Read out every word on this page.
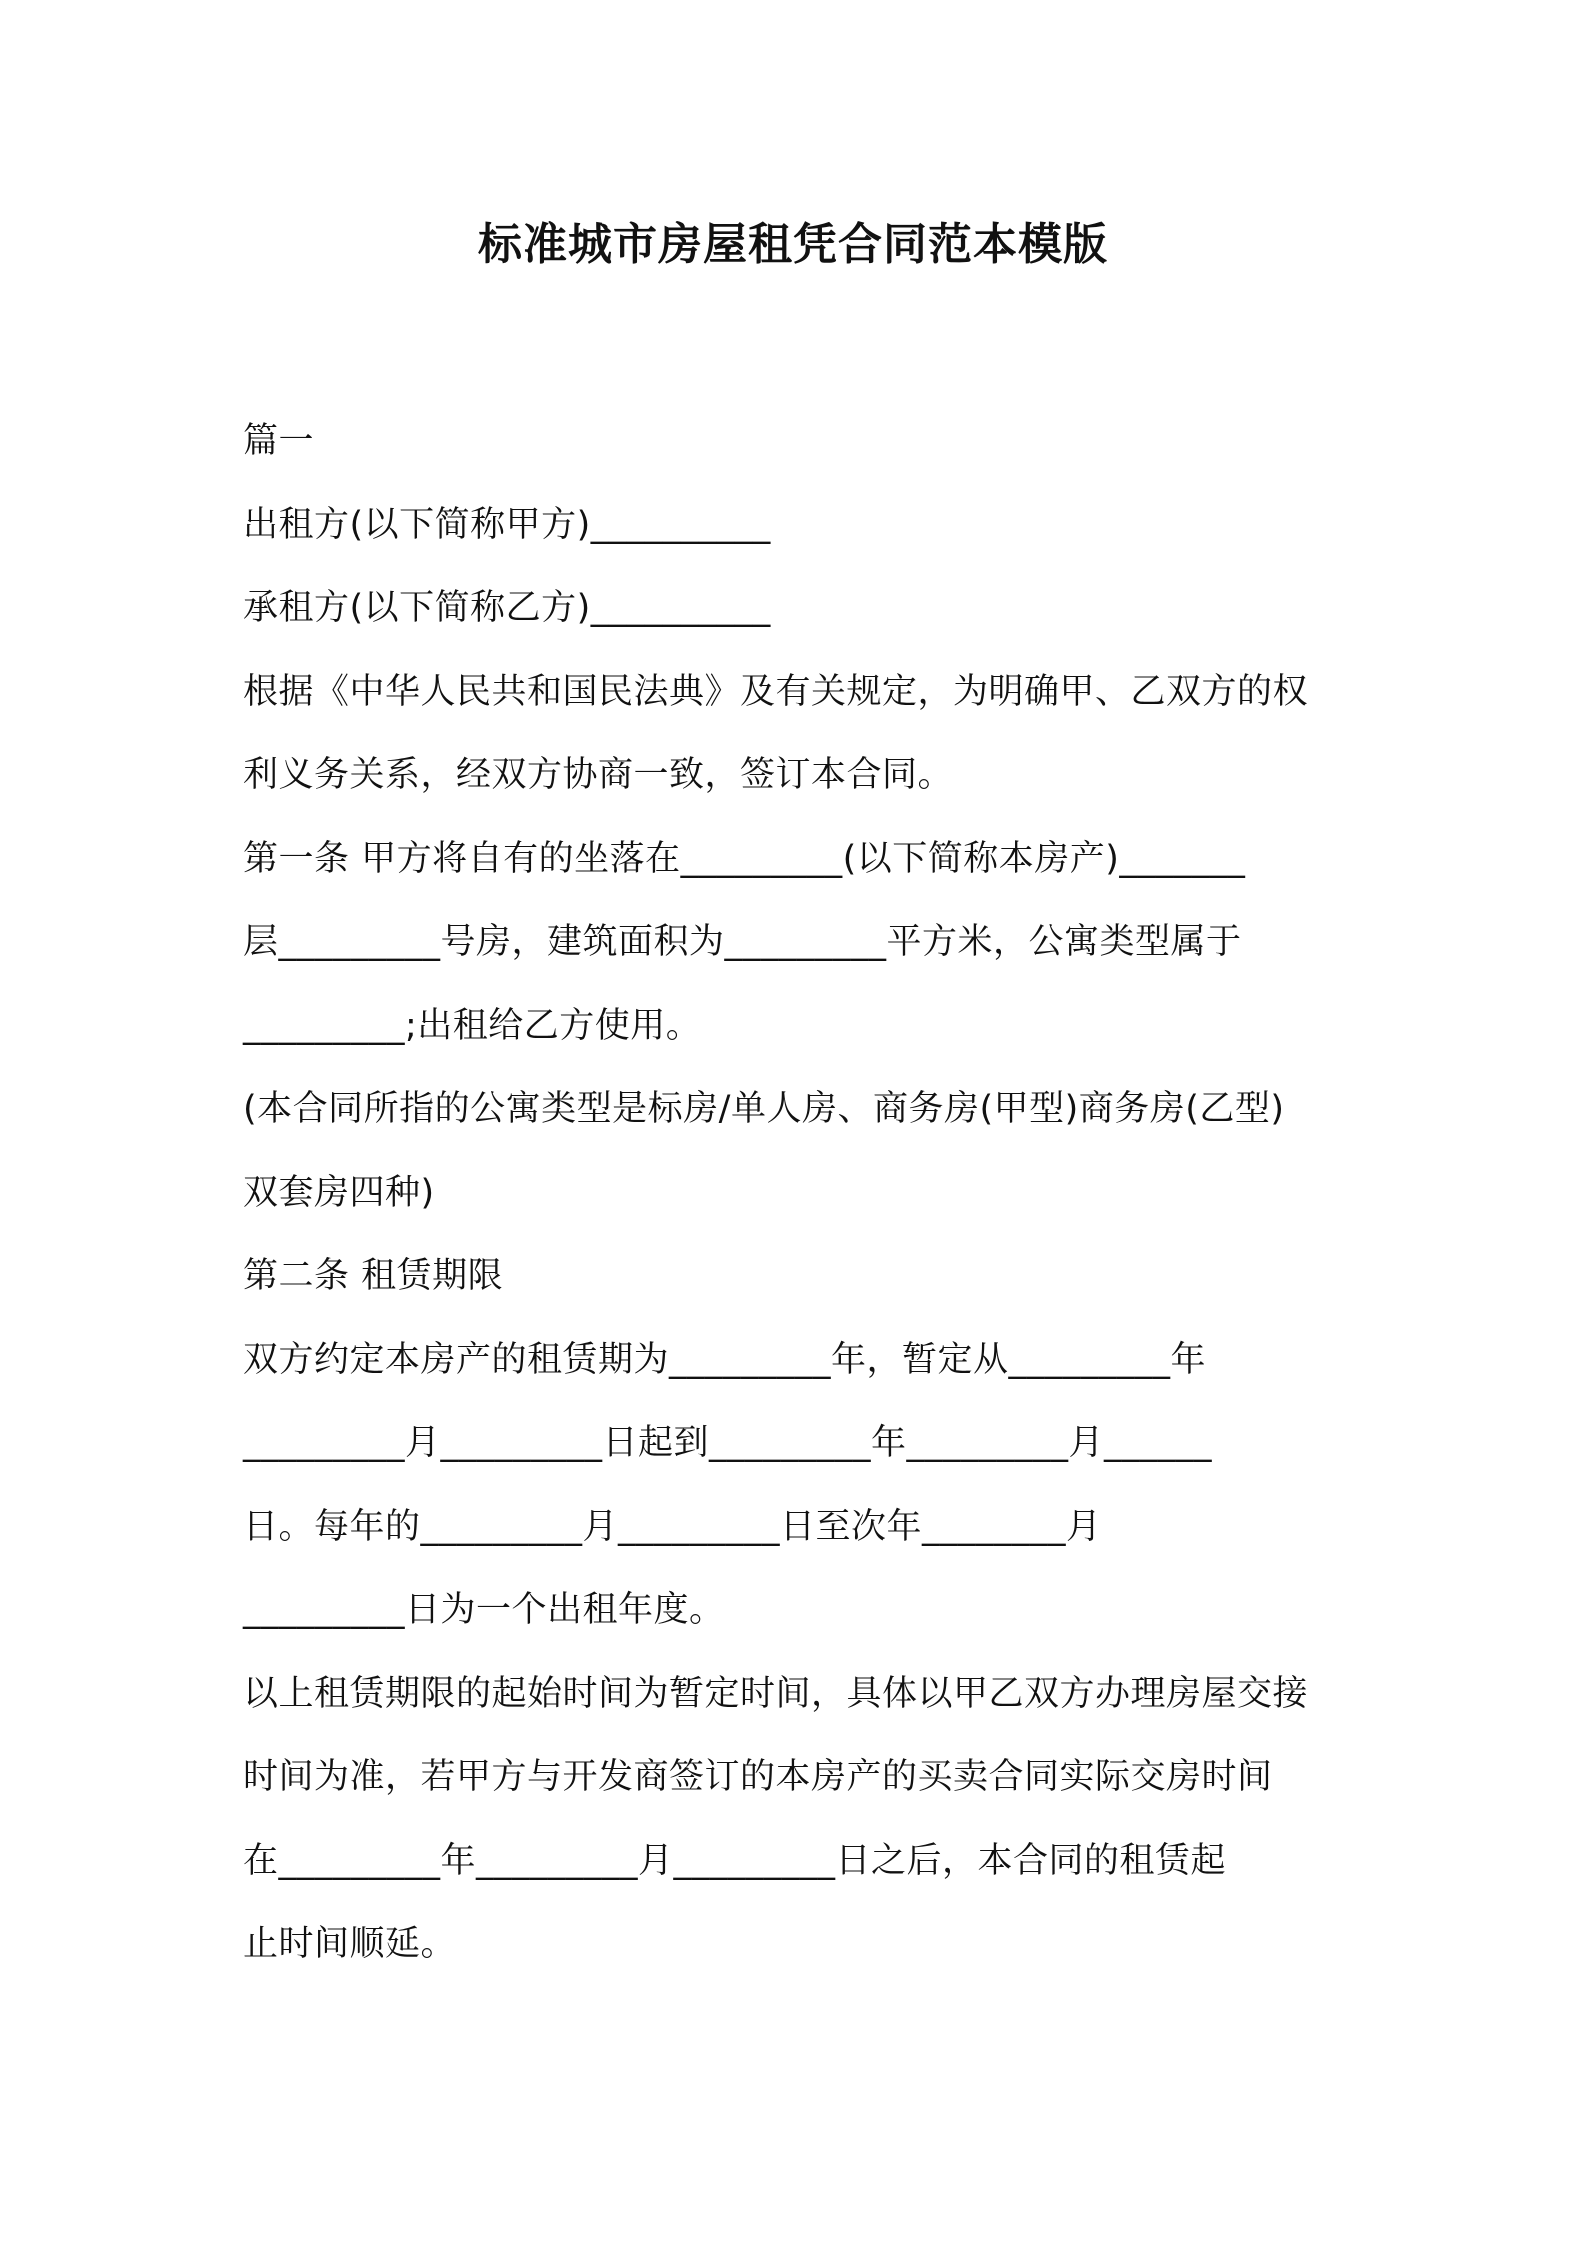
标准城市房屋租凭合同范本模版
篇一
出租方(以下简称甲方)__________
承租方(以下简称乙方)__________
根据《中华人民共和国民法典》及有关规定，为明确甲、乙双方的权
利义务关系，经双方协商一致，签订本合同。
第一条 甲方将自有的坐落在_________(以下简称本房产)_______
层_________号房，建筑面积为_________平方米，公寓类型属于
_________;出租给乙方使用。
(本合同所指的公寓类型是标房/单人房、商务房(甲型)商务房(乙型)
双套房四种)
第二条 租赁期限
双方约定本房产的租赁期为_________年，暂定从_________年
_________月_________日起到_________年_________月______
日。每年的_________月_________日至次年________月
_________日为一个出租年度。
以上租赁期限的起始时间为暂定时间，具体以甲乙双方办理房屋交接
时间为准，若甲方与开发商签订的本房产的买卖合同实际交房时间
在_________年_________月_________日之后，本合同的租赁起
止时间顺延。
